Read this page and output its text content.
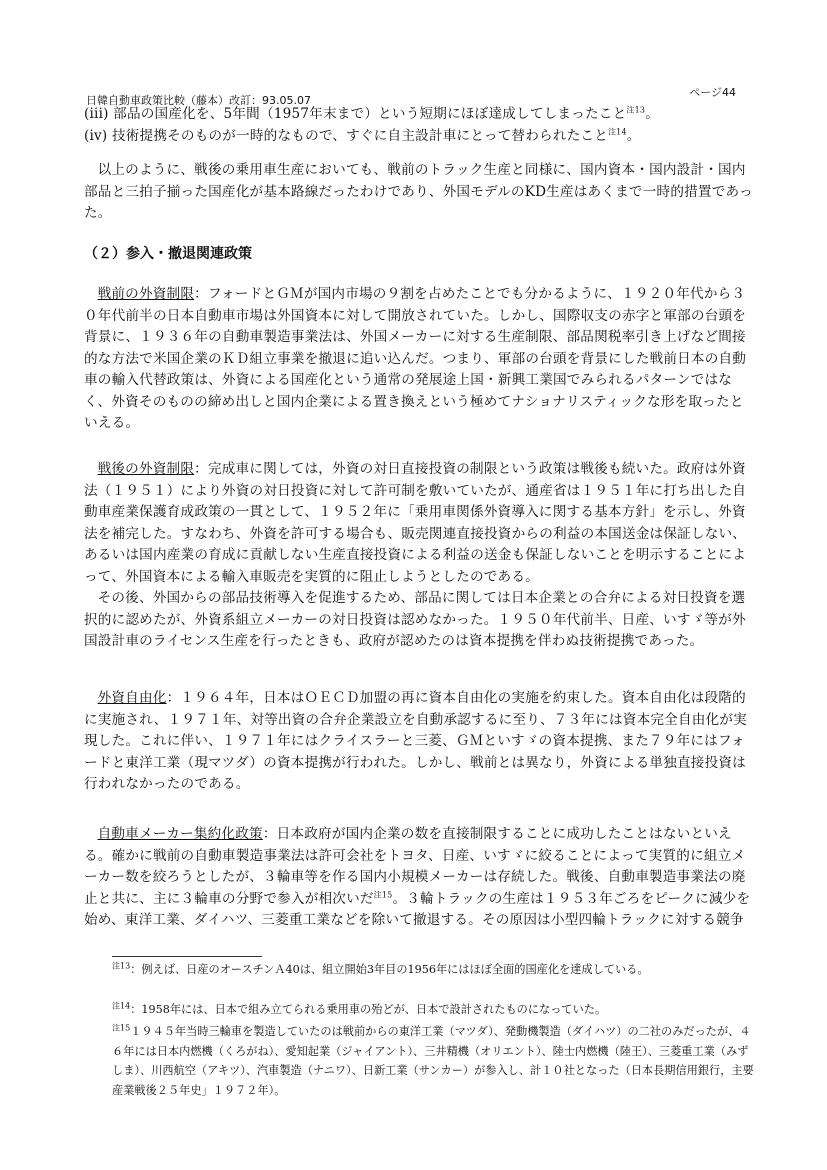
日韓自動車政策比較（藤本）改訂：93.05.07
ページ44

(iii) 部品の国産化を、5年間（1957年末まで）という短期にほぼ達成してしまったこと$^{注13}$。

(iv) 技術提携そのものが一時的なもので、すぐに自主設計車にとって替わられたこと$^{注14}$。

以上のように、戦後の乗用車生産においても、戦前のトラック生産と同様に、国内資本・国内設計・国内部品と三拍子揃った国産化が基本路線だったわけであり、外国モデルのKD生産はあくまで一時的措置であった。

（２）参入・撤退関連政策

戦前の外資制限：フォードとＧＭが国内市場の９割を占めたことでも分かるように、１９２０年代から３０年代前半の日本自動車市場は外国資本に対して開放されていた。しかし、国際収支の赤字と軍部の台頭を背景に、１９３６年の自動車製造事業法は、外国メーカーに対する生産制限、部品関税率引き上げなど間接的な方法で米国企業のＫＤ組立事業を撤退に追い込んだ。つまり、軍部の台頭を背景にした戦前日本の自動車の輸入代替政策は、外資による国産化という通常の発展途上国・新興工業国でみられるパターンではなく、外資そのものの締め出しと国内企業による置き換えという極めてナショナリスティックな形を取ったといえる。

戦後の外資制限：完成車に関しては，外資の対日直接投資の制限という政策は戦後も続いた。政府は外資法（１９５１）により外資の対日投資に対して許可制を敷いていたが、通産省は１９５１年に打ち出した自動車産業保護育成政策の一貫として、１９５２年に「乗用車関係外資導入に関する基本方針」を示し、外資法を補完した。すなわち、外資を許可する場合も、販売関連直接投資からの利益の本国送金は保証しない、あるいは国内産業の育成に貢献しない生産直接投資による利益の送金も保証しないことを明示することによって、外国資本による輸入車販売を実質的に阻止しようとしたのである。

その後、外国からの部品技術導入を促進するため、部品に関しては日本企業との合弁による対日投資を選択的に認めたが、外資系組立メーカーの対日投資は認めなかった。１９５０年代前半、日産、いすゞ等が外国設計車のライセンス生産を行ったときも、政府が認めたのは資本提携を伴わぬ技術提携であった。

外資自由化：１９６４年，日本はＯＥＣＤ加盟の再に資本自由化の実施を約束した。資本自由化は段階的に実施され、１９７１年、対等出資の合弁企業設立を自動承認するに至り、７３年には資本完全自由化が実現した。これに伴い、１９７１年にはクライスラーと三菱、ＧＭといすゞの資本提携、また７９年にはフォードと東洋工業（現マツダ）の資本提携が行われた。しかし、戦前とは異なり，外資による単独直接投資は行われなかったのである。

自動車メーカー集約化政策：日本政府が国内企業の数を直接制限することに成功したことはないといえる。確かに戦前の自動車製造事業法は許可会社をトヨタ、日産、いすゞに絞ることによって実質的に組立メーカー数を絞ろうとしたが、３輪車等を作る国内小規模メーカーは存続した。戦後、自動車製造事業法の廃止と共に、主に３輪車の分野で参入が相次いだ$^{注15}$。３輪トラックの生産は１９５３年ごろをピークに減少を始め、東洋工業、ダイハツ、三菱重工業などを除いて撤退する。その原因は小型四輪トラックに対する競争

$^{注13}$：例えば、日産のオースチンＡ40は、組立開始3年目の1956年にはほぼ全面的国産化を達成している。

$^{注14}$：1958年には、日本で組み立てられる乗用車の殆どが、日本で設計されたものになっていた。

$^{注15}$１９４５年当時三輪車を製造していたのは戦前からの東洋工業（マツダ）、発動機製造（ダイハツ）の二社のみだったが、４６年には日本内燃機（くろがね）、愛知起業（ジャイアント）、三井精機（オリエント）、陸士内燃機（陸王）、三菱重工業（みずしま）、川西航空（アキツ）、汽車製造（ナニワ）、日新工業（サンカー）が参入し、計１０社となった（日本長期信用銀行，主要産業戦後２５年史」１９７２年）。
